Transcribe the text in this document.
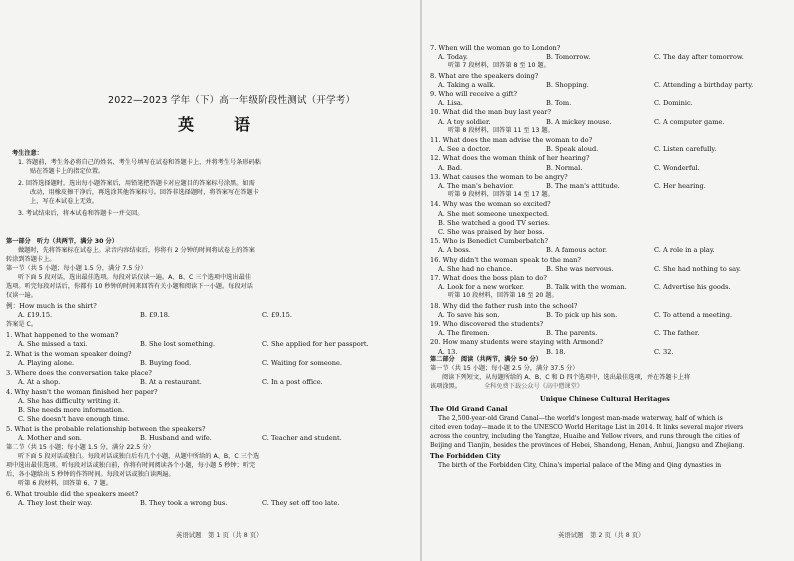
2022—2023 学年（下）高一年级阶段性测试（开学考）
英　语
考生注意：
1. 答题前，考生务必将自己的姓名、考生号填写在试卷和答题卡上，并将考生号条形码粘
贴在答题卡上的指定位置。
2. 回答选择题时，选出每小题答案后，用铅笔把答题卡对应题目的答案标号涂黑。如需
改动，用橡皮擦干净后，再选涂其他答案标号。回答非选择题时，将答案写在答题卡
上，写在本试卷上无效。
3. 考试结束后，将本试卷和答题卡一并交回。
第一部分　听力（共两节，满分 30 分）
做题时，先将答案标在试卷上。录音内容结束后，你将有 2 分钟的时间将试卷上的答案
转涂到答题卡上。
第一节（共 5 小题；每小题 1.5 分，满分 7.5 分）
听下面 5 段对话，选出最佳选项。每段对话仅读一遍。A、B、C 三个选项中选出最佳
选项。听完每段对话后，你都有 10 秒钟的时间来回答有关小题和阅读下一小题。每段对话
仅读一遍。
例：How much is the shirt?
A. £19.15.	B. £9.18.	C. £9.15.
答案是 C。
1. What happened to the woman?
A. She missed a taxi.	B. She lost something.	C. She applied for her passport.
2. What is the woman speaker doing?
A. Playing alone.	B. Buying food.	C. Waiting for someone.
3. Where does the conversation take place?
A. At a shop.	B. At a restaurant.	C. In a post office.
4. Why hasn't the woman finished her paper?
A. She has difficulty writing it.
B. She needs more information.
C. She doesn't have enough time.
5. What is the probable relationship between the speakers?
A. Mother and son.	B. Husband and wife.	C. Teacher and student.
第二节（共 15 小题；每小题 1.5 分，满分 22.5 分）
听下面 5 段对话或独白。每段对话或独白后有几个小题，从题中所给的 A、B、C 三个选
项中选出最佳选项。听每段对话或独白前，你将有时间阅读各个小题，每小题 5 秒钟；听完
后，各小题给出 5 秒钟的作答时间。每段对话或独白读两遍。
听第 6 段材料，回答第 6、7 题。
6. What trouble did the speakers meet?
A. They lost their way.	B. They took a wrong bus.	C. They set off too late.
英语试题　第 1 页（共 8 页）
7. When will the woman go to London?
A. Today.	B. Tomorrow.	C. The day after tomorrow.
听第 7 段材料，回答第 8 至 10 题。
8. What are the speakers doing?
A. Taking a walk.	B. Shopping.	C. Attending a birthday party.
9. Who will receive a gift?
A. Lisa.	B. Tom.	C. Dominic.
10. What did the man buy last year?
A. A toy soldier.	B. A mickey mouse.	C. A computer game.
听第 8 段材料，回答第 11 至 13 题。
11. What does the man advise the woman to do?
A. See a doctor.	B. Speak aloud.	C. Listen carefully.
12. What does the woman think of her hearing?
A. Bad.	B. Normal.	C. Wonderful.
13. What causes the woman to be angry?
A. The man's behavior.	B. The man's attitude.	C. Her hearing.
听第 9 段材料，回答第 14 至 17 题。
14. Why was the woman so excited?
A. She met someone unexpected.
B. She watched a good TV series.
C. She was praised by her boss.
15. Who is Benedict Cumberbatch?
A. A boss.	B. A famous actor.	C. A role in a play.
16. Why didn't the woman speak to the man?
A. She had no chance.	B. She was nervous.	C. She had nothing to say.
17. What does the boss plan to do?
A. Look for a new worker.	B. Talk with the woman.	C. Advertise his goods.
听第 10 段材料，回答第 18 至 20 题。
18. Why did the father rush into the school?
A. To save his son.	B. To pick up his son.	C. To attend a meeting.
19. Who discovered the students?
A. The firemen.	B. The parents.	C. The father.
20. How many students were staying with Armond?
A. 13.	B. 18.	C. 32.
第二部分　阅读（共两节，满分 50 分）
第一节（共 15 小题；每小题 2.5 分，满分 37.5 分）
阅读下列短文，从每题所给的 A、B、C 和 D 四个选项中，选出最佳选项，并在答题卡上将
该项涂黑。	全科免费下载公众号《高中僧课堂》
Unique Chinese Cultural Heritages
The Old Grand Canal
The 2,500-year-old Grand Canal—the world's longest man-made waterway, half of which is
cited even today—made it to the UNESCO World Heritage List in 2014. It links several major rivers
across the country, including the Yangtze, Huaihe and Yellow rivers, and runs through the cities of
Beijing and Tianjin, besides the provinces of Hebei, Shandong, Henan, Anhui, Jiangsu and Zhejiang.
The Forbidden City
The birth of the Forbidden City, China's imperial palace of the Ming and Qing dynasties in
英语试题　第 2 页（共 8 页）
